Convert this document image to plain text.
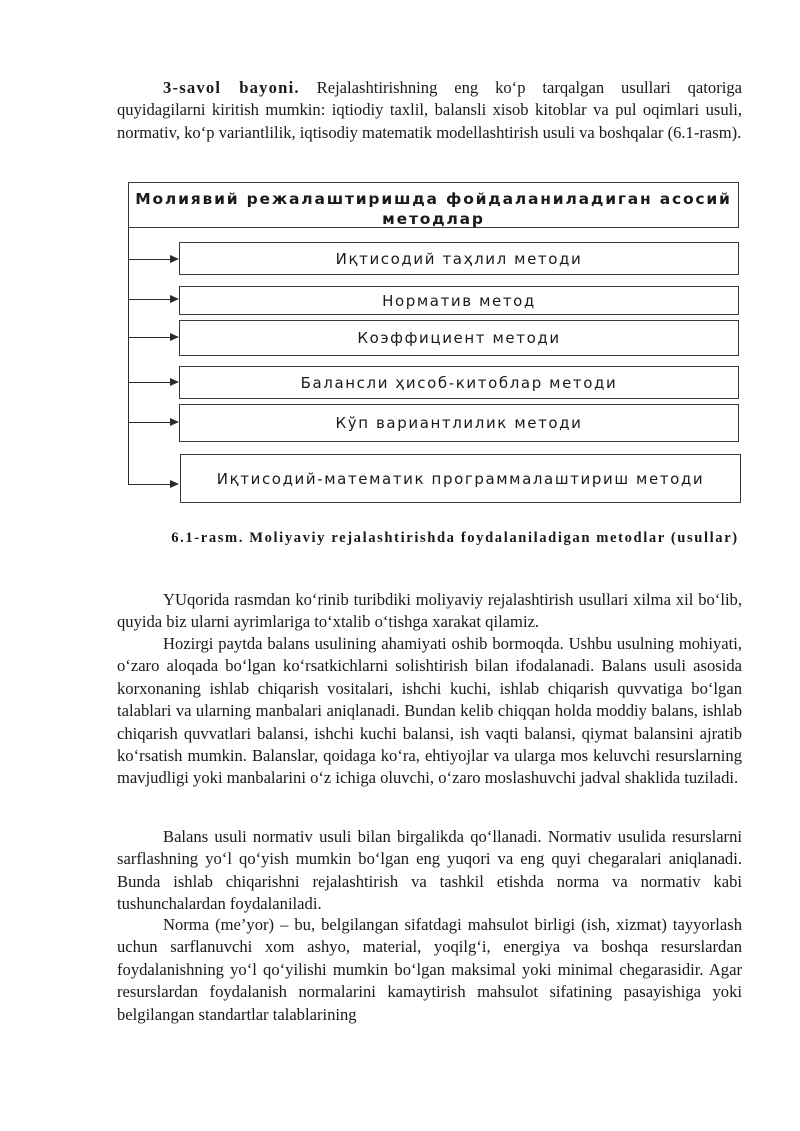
3-savol bayoni. Rejalashtirishning eng koʻp tarqalgan usullari qatoriga quyidagilarni kiritish mumkin: iqtiodiy taxlil, balansli xisob kitoblar va pul oqimlari usuli, normativ, koʻp variantlilik, iqtisodiy matematik modellashtirish usuli va boshqalar (6.1-rasm).

Молиявий режалаштиришда фойдаланиладиган асосий методлар
Иқтисодий таҳлил методи
Норматив метод
Коэффициент методи
Балансли ҳисоб-китоблар методи
Кўп вариантлилик методи
Иқтисодий-математик программалаштириш методи

6.1-rasm. Moliyaviy rejalashtirishda foydalaniladigan metodlar (usullar)

YUqorida rasmdan koʻrinib turibdiki moliyaviy rejalashtirish usullari xilma xil boʻlib, quyida biz ularni ayrimlariga toʻxtalib oʻtishga xarakat qilamiz.

Hozirgi paytda balans usulining ahamiyati oshib bormoqda. Ushbu usulning mohiyati, oʻzaro aloqada boʻlgan koʻrsatkichlarni solishtirish bilan ifodalanadi. Balans usuli asosida korxonaning ishlab chiqarish vositalari, ishchi kuchi, ishlab chiqarish quvvatiga boʻlgan talablari va ularning manbalari aniqlanadi. Bundan kelib chiqqan holda moddiy balans, ishlab chiqarish quvvatlari balansi, ishchi kuchi balansi, ish vaqti balansi, qiymat balansini ajratib koʻrsatish mumkin. Balanslar, qoidaga koʻra, ehtiyojlar va ularga mos keluvchi resurslarning mavjudligi yoki manbalarini oʻz ichiga oluvchi, oʻzaro moslashuvchi jadval shaklida tuziladi.

Balans usuli normativ usuli bilan birgalikda qoʻllanadi. Normativ usulida resurslarni sarflashning yoʻl qoʻyish mumkin boʻlgan eng yuqori va eng quyi chegaralari aniqlanadi. Bunda ishlab chiqarishni rejalashtirish va tashkil etishda norma va normativ kabi tushunchalardan foydalaniladi.

Norma (me’yor) – bu, belgilangan sifatdagi mahsulot birligi (ish, xizmat) tayyorlash uchun sarflanuvchi xom ashyo, material, yoqilgʻi, energiya va boshqa resurslardan foydalanishning yoʻl qoʻyilishi mumkin boʻlgan maksimal yoki minimal chegarasidir. Agar resurslardan foydalanish normalarini kamaytirish mahsulot sifatining pasayishiga yoki belgilangan standartlar talablarining
